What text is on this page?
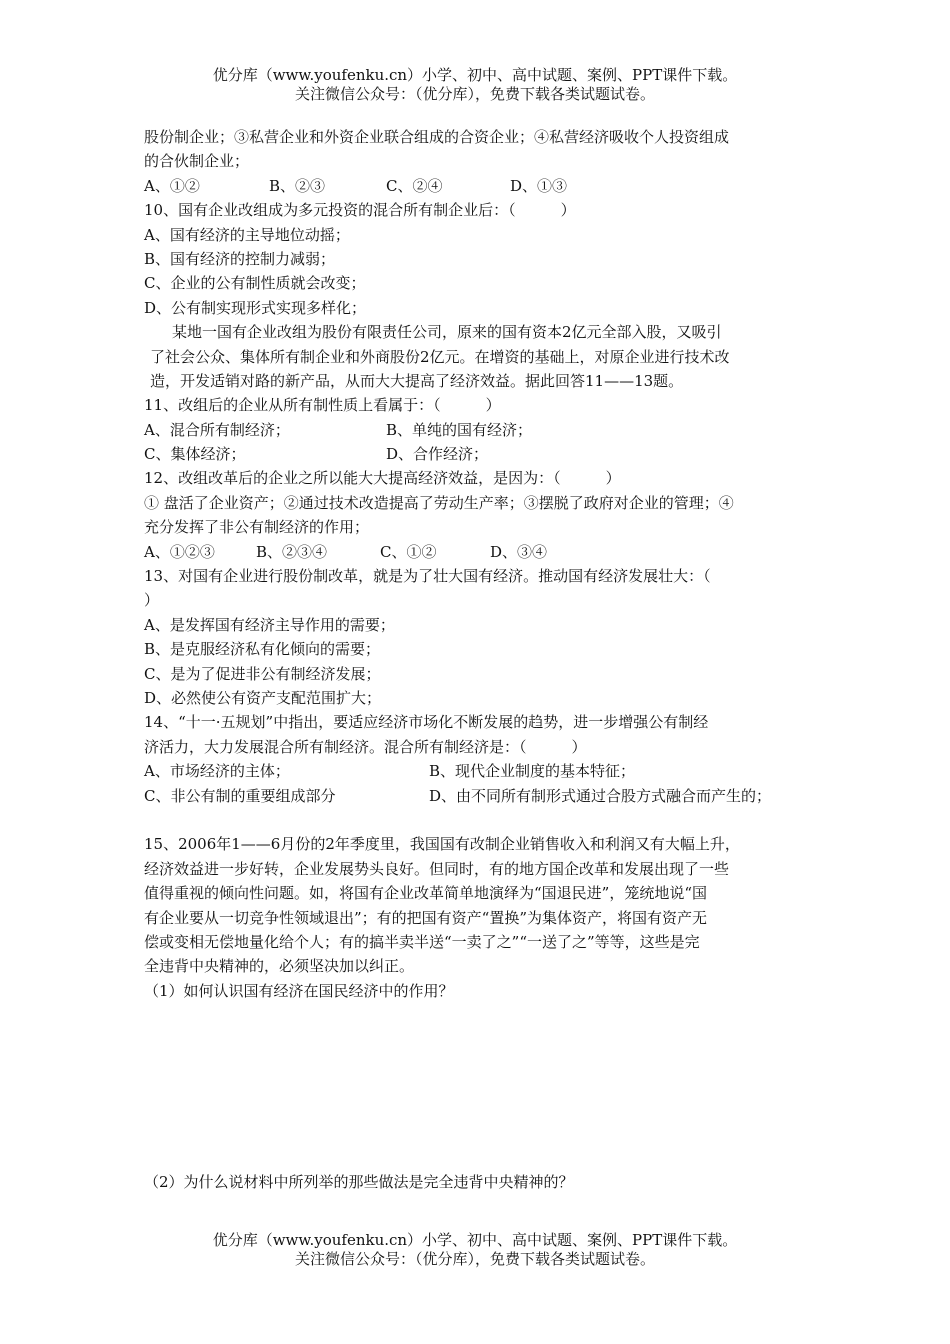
优分库（www.youfenku.cn）小学、初中、高中试题、案例、PPT课件下载。
关注微信公众号：（优分库），免费下载各类试题试卷。
股份制企业；③私营企业和外资企业联合组成的合资企业；④私营经济吸收个人投资组成
的合伙制企业；
A、①②	B、②③	C、②④	D、①③
10、国有企业改组成为多元投资的混合所有制企业后：（　　　）
A、国有经济的主导地位动摇；
B、国有经济的控制力减弱；
C、企业的公有制性质就会改变；
D、公有制实现形式实现多样化；
某地一国有企业改组为股份有限责任公司，原来的国有资本2亿元全部入股，又吸引
了社会公众、集体所有制企业和外商股份2亿元。在增资的基础上，对原企业进行技术改
造，开发适销对路的新产品，从而大大提高了经济效益。据此回答11——13题。
11、改组后的企业从所有制性质上看属于：（　　　）
A、混合所有制经济；	B、单纯的国有经济；
C、集体经济；	D、合作经济；
12、改组改革后的企业之所以能大大提高经济效益，是因为：（　　　）
① 盘活了企业资产；②通过技术改造提高了劳动生产率；③摆脱了政府对企业的管理；④
充分发挥了非公有制经济的作用；
A、①②③	B、②③④	C、①②	D、③④
13、对国有企业进行股份制改革，就是为了壮大国有经济。推动国有经济发展壮大：（
）
A、是发挥国有经济主导作用的需要；
B、是克服经济私有化倾向的需要；
C、是为了促进非公有制经济发展；
D、必然使公有资产支配范围扩大；
14、“十一·五规划”中指出，要适应经济市场化不断发展的趋势，进一步增强公有制经
济活力，大力发展混合所有制经济。混合所有制经济是：（　　　）
A、市场经济的主体；	B、现代企业制度的基本特征；
C、非公有制的重要组成部分	D、由不同所有制形式通过合股方式融合而产生的；
15、2006年1——6月份的2年季度里，我国国有改制企业销售收入和利润又有大幅上升，
经济效益进一步好转，企业发展势头良好。但同时，有的地方国企改革和发展出现了一些
值得重视的倾向性问题。如，将国有企业改革简单地演绎为“国退民进”，笼统地说“国
有企业要从一切竞争性领域退出”；有的把国有资产“置换”为集体资产，将国有资产无
偿或变相无偿地量化给个人；有的搞半卖半送“一卖了之”“一送了之”等等，这些是完
全违背中央精神的，必须坚决加以纠正。
（1）如何认识国有经济在国民经济中的作用？
（2）为什么说材料中所列举的那些做法是完全违背中央精神的？
优分库（www.youfenku.cn）小学、初中、高中试题、案例、PPT课件下载。
关注微信公众号：（优分库），免费下载各类试题试卷。
